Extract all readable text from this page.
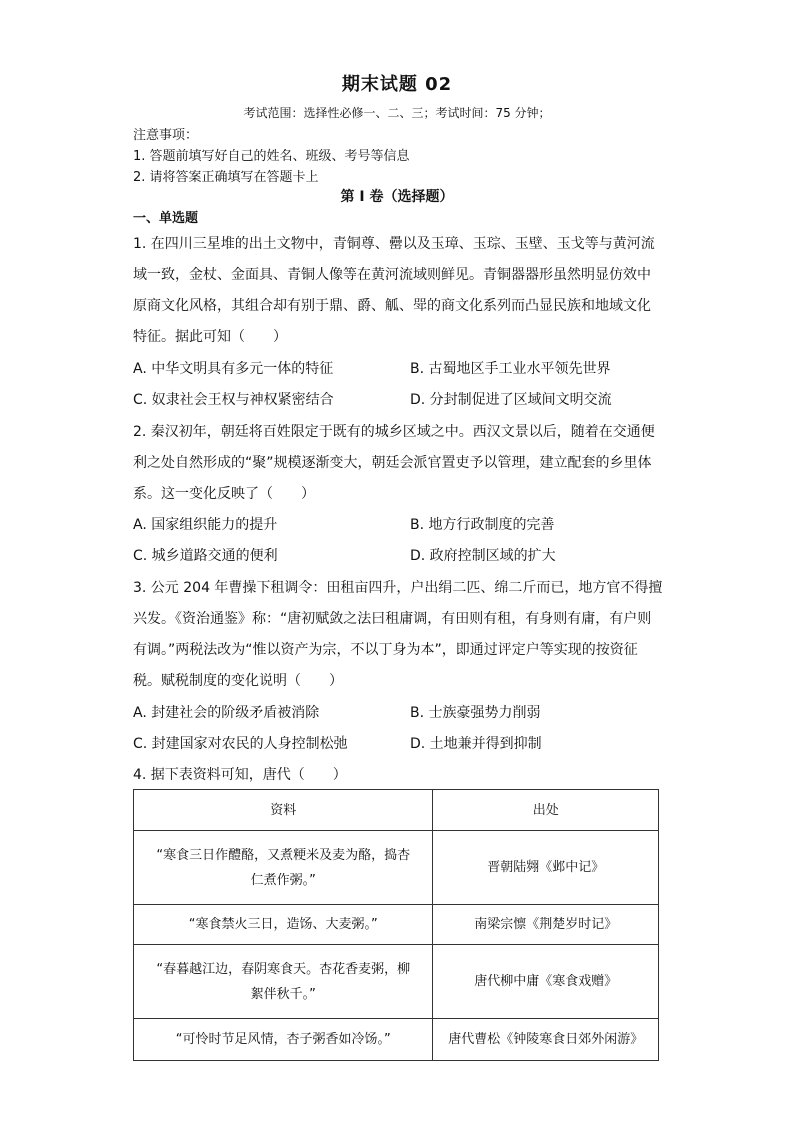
期末试题 02
考试范围：选择性必修一、二、三；考试时间：75 分钟；
注意事项：
1. 答题前填写好自己的姓名、班级、考号等信息
2. 请将答案正确填写在答题卡上
第 I 卷（选择题）
一、单选题
1. 在四川三星堆的出土文物中，青铜尊、罍以及玉璋、玉琮、玉壁、玉戈等与黄河流
域一致，金杖、金面具、青铜人像等在黄河流域则鲜见。青铜器器形虽然明显仿效中
原商文化风格，其组合却有别于鼎、爵、觚、斝的商文化系列而凸显民族和地域文化
特征。据此可知（　　）
A. 中华文明具有多元一体的特征	B. 古蜀地区手工业水平领先世界
C. 奴隶社会王权与神权紧密结合	D. 分封制促进了区域间文明交流
2. 秦汉初年，朝廷将百姓限定于既有的城乡区域之中。西汉文景以后，随着在交通便
利之处自然形成的“聚”规模逐渐变大，朝廷会派官置吏予以管理，建立配套的乡里体
系。这一变化反映了（　　）
A. 国家组织能力的提升	B. 地方行政制度的完善
C. 城乡道路交通的便利	D. 政府控制区域的扩大
3. 公元 204 年曹操下租调令：田租亩四升，户出绢二匹、绵二斤而已，地方官不得擅
兴发。《资治通鉴》称：“唐初赋敛之法曰租庸调，有田则有租，有身则有庸，有户则
有调。”两税法改为“惟以资产为宗，不以丁身为本”，即通过评定户等实现的按资征
税。赋税制度的变化说明（　　）
A. 封建社会的阶级矛盾被消除	B. 士族豪强势力削弱
C. 封建国家对农民的人身控制松弛	D. 土地兼并得到抑制
4. 据下表资料可知，唐代（　　）
资料	出处

“寒食三日作醴酪，又煮粳米及麦为酪，捣杏
仁煮作粥。”	晋朝陆翙《邺中记》

“寒食禁火三日，造饧、大麦粥。”	南梁宗懔《荆楚岁时记》

“春暮越江边，春阴寒食天。杏花香麦粥，柳
絮伴秋千。”	唐代柳中庸《寒食戏赠》

“可怜时节足风情，杏子粥香如冷饧。”	唐代曹松《钟陵寒食日郊外闲游》
